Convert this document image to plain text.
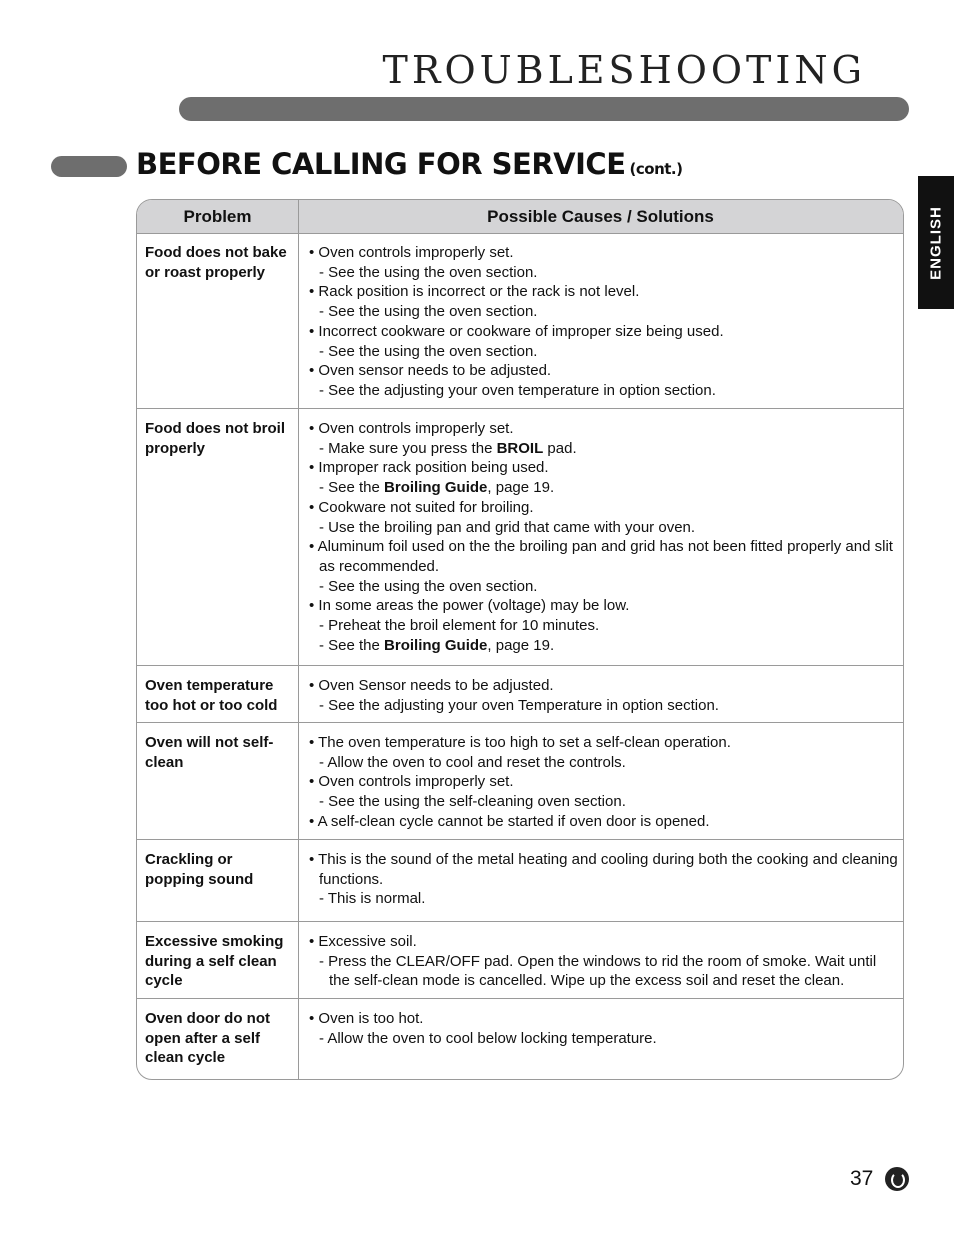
TROUBLESHOOTING
BEFORE CALLING FOR SERVICE (cont.)
ENGLISH
Problem	Possible Causes / Solutions
Food does not bake or roast properly
• Oven controls improperly set.
- See the using the oven section.
• Rack position is incorrect or the rack is not level.
- See the using the oven section.
• Incorrect cookware or cookware of improper size being used.
- See the using the oven section.
• Oven sensor needs to be adjusted.
- See the adjusting your oven temperature in option section.
Food does not broil properly
• Oven controls improperly set.
- Make sure you press the BROIL pad.
• Improper rack position being used.
- See the Broiling Guide, page 19.
• Cookware not suited for broiling.
- Use the broiling pan and grid that came with your oven.
• Aluminum foil used on the the broiling pan and grid has not been fitted properly and slit as recommended.
- See the using the oven section.
• In some areas the power (voltage) may be low.
- Preheat the broil element for 10 minutes.
- See the Broiling Guide, page 19.
Oven temperature too hot or too cold
• Oven Sensor needs to be adjusted.
- See the adjusting your oven Temperature in option section.
Oven will not self-clean
• The oven temperature is too high to set a self-clean operation.
- Allow the oven to cool and reset the controls.
• Oven controls improperly set.
- See the using the self-cleaning oven section.
• A self-clean cycle cannot be started if oven door is opened.
Crackling or popping sound
• This is the sound of the metal heating and cooling during both the cooking and cleaning functions.
- This is normal.
Excessive smoking during a self clean cycle
• Excessive soil.
- Press the CLEAR/OFF pad. Open the windows to rid the room of smoke. Wait until the self-clean mode is cancelled. Wipe up the excess soil and reset the clean.
Oven door do not open after a self clean cycle
• Oven is too hot.
- Allow the oven to cool below locking temperature.
37
